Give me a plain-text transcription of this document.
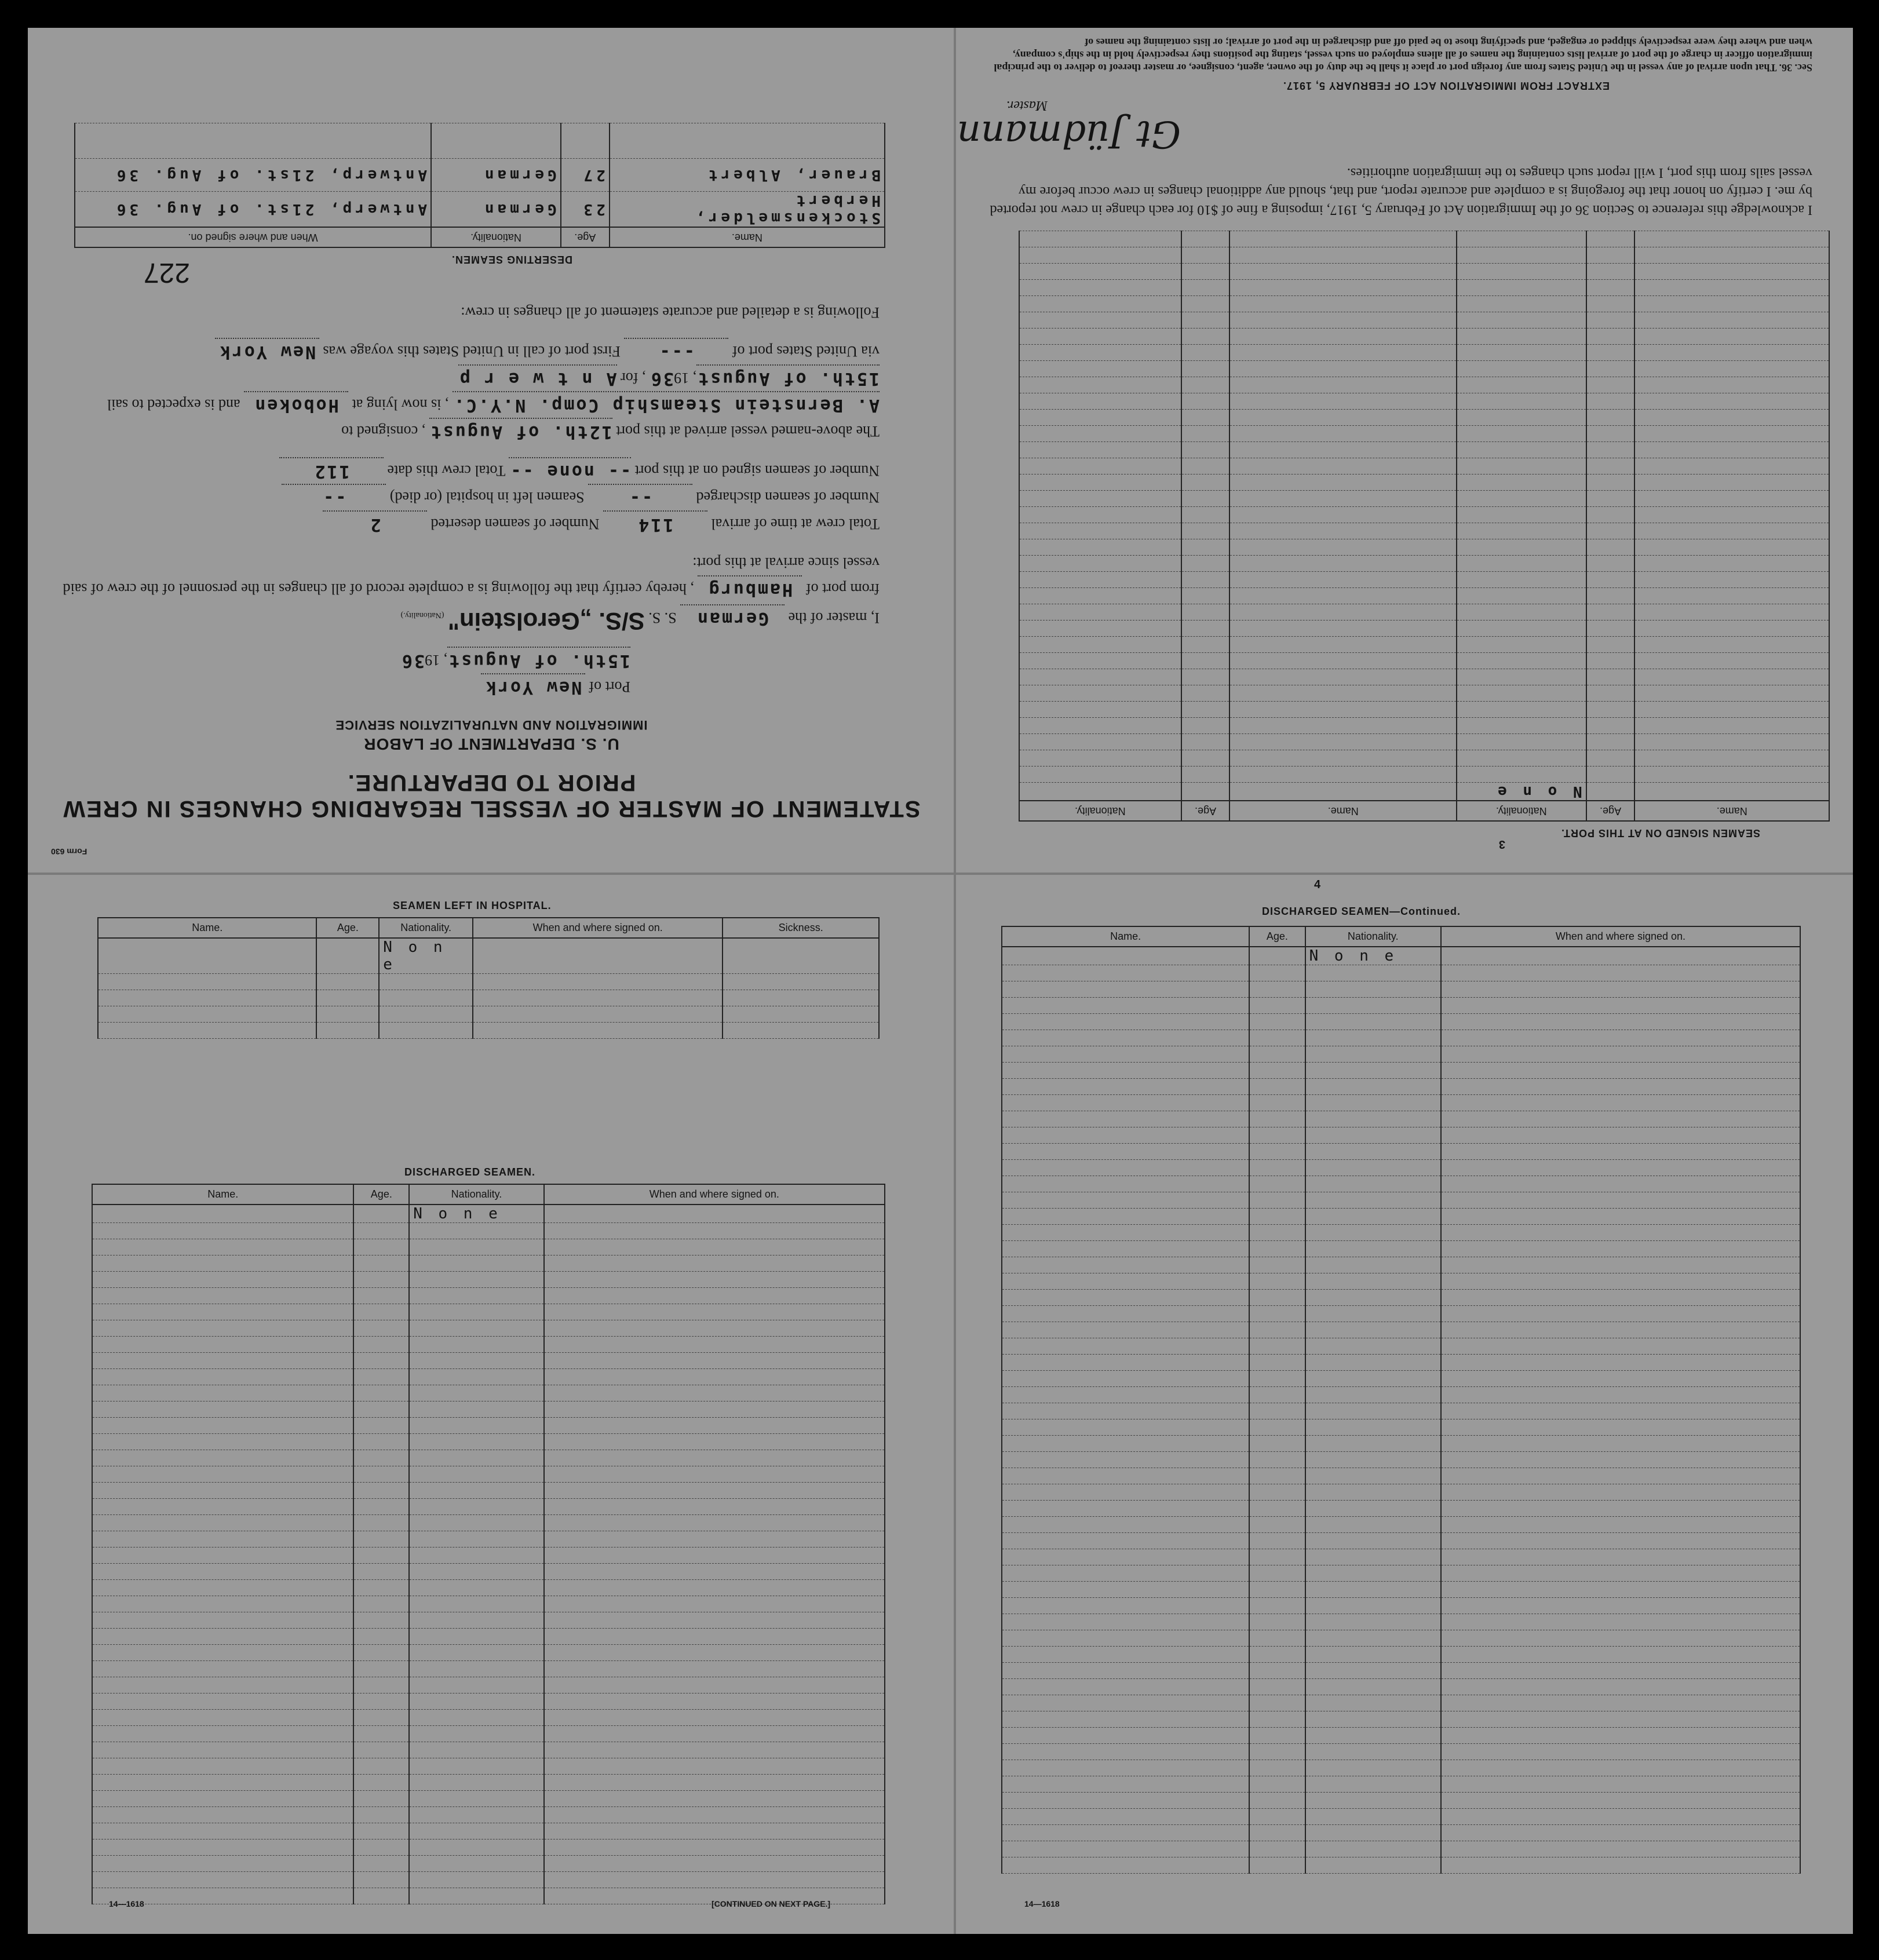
Form 630
STATEMENT OF MASTER OF VESSEL REGARDING CHANGES IN CREW
PRIOR TO DEPARTURE.
U. S. DEPARTMENT OF LABOR
IMMIGRATION AND NATURALIZATION SERVICE
Port of New York
15th. of August, 1936
I, master of the German S. S. S/S. „Gerolstein" (Nationality.)
from port of Hamburg , hereby certify that the following is a complete record of all changes in the personnel of the crew of said vessel since arrival at this port:
Total crew at time of arrival 114 Number of seamen deserted 2
Number of seamen discharged -- Seamen left in hospital (or died) --
Number of seamen signed on at this port -- none -- Total crew this date 112
The above-named vessel arrived at this port 12th. of August , consigned to
A. Bernstein Steamship Comp. N.Y.C. , is now lying at Hoboken and is expected to sail
15th. of August, 1936 , for A n t w e r p
via United States port of --- First port of call in United States this voyage was New York
Following is a detailed and accurate statement of all changes in crew:
227	DESERTING SEAMEN.
Name.	Age.	Nationality.	When and where signed on.
Stockensmelder, Herbert	23	German	Antwerp, 21st. of Aug. 36
Brauer, Albert	27	German	Antwerp, 21st. of Aug. 36

SEAMEN SIGNED ON AT THIS PORT.
3
Name.	Age.	Nationality.	Name.	Age.	Nationality.
		N o n e			

I acknowledge this reference to Section 36 of the Immigration Act of February 5, 1917, imposing a fine of $10 for each change in crew not reported by me. I certify on honor that the foregoing is a complete and accurate report, and that, should any additional changes in crew occur before my vessel sails from this port, I will report such changes to the immigration authorities.
Gt Jüdmann
Master.
EXTRACT FROM IMMIGRATION ACT OF FEBRUARY 5, 1917.
Sec. 36. That upon arrival of any vessel in the United States from any foreign port or place it shall be the duty of the owner, agent, consignee, or master thereof to deliver to the principal immigration officer in charge of the port of arrival lists containing the names of all aliens employed on such vessel, stating the positions they respectively hold in the ship's company, when and where they were respectively shipped or engaged, and specifying those to be paid off and discharged in the port of arrival; or lists containing the names of
SEAMEN LEFT IN HOSPITAL.
Name.	Age.	Nationality.	When and where signed on.	Sickness.
		N o n e		

DISCHARGED SEAMEN.
Name.	Age.	Nationality.	When and where signed on.
		N o n e	

14—1618	[CONTINUED ON NEXT PAGE.]
4
DISCHARGED SEAMEN—Continued.
Name.	Age.	Nationality.	When and where signed on.
		N o n e	

14—1618
